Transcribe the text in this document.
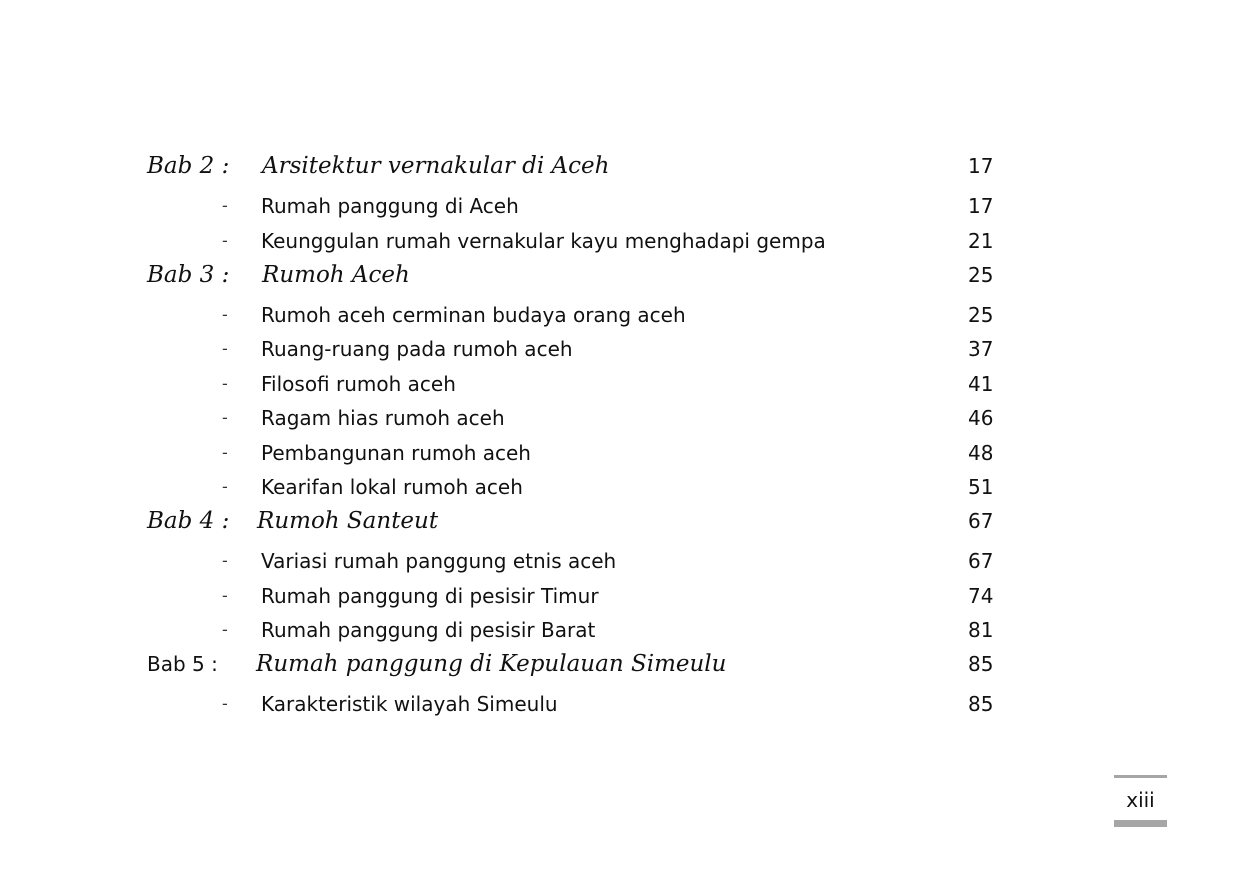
Bab 2 : Arsitektur vernakular di Aceh	17
- Rumah panggung di Aceh	17
- Keunggulan rumah vernakular kayu menghadapi gempa	21
Bab 3 : Rumoh Aceh	25
- Rumoh aceh cerminan budaya orang aceh	25
- Ruang-ruang pada rumoh aceh	37
- Filosofi rumoh aceh	41
- Ragam hias rumoh aceh	46
- Pembangunan rumoh aceh	48
- Kearifan lokal rumoh aceh	51
Bab 4 : Rumoh Santeut	67
- Variasi rumah panggung etnis aceh	67
- Rumah panggung di pesisir Timur	74
- Rumah panggung di pesisir Barat	81
Bab 5 : Rumah panggung di Kepulauan Simeulu	85
- Karakteristik wilayah Simeulu	85
xiii
